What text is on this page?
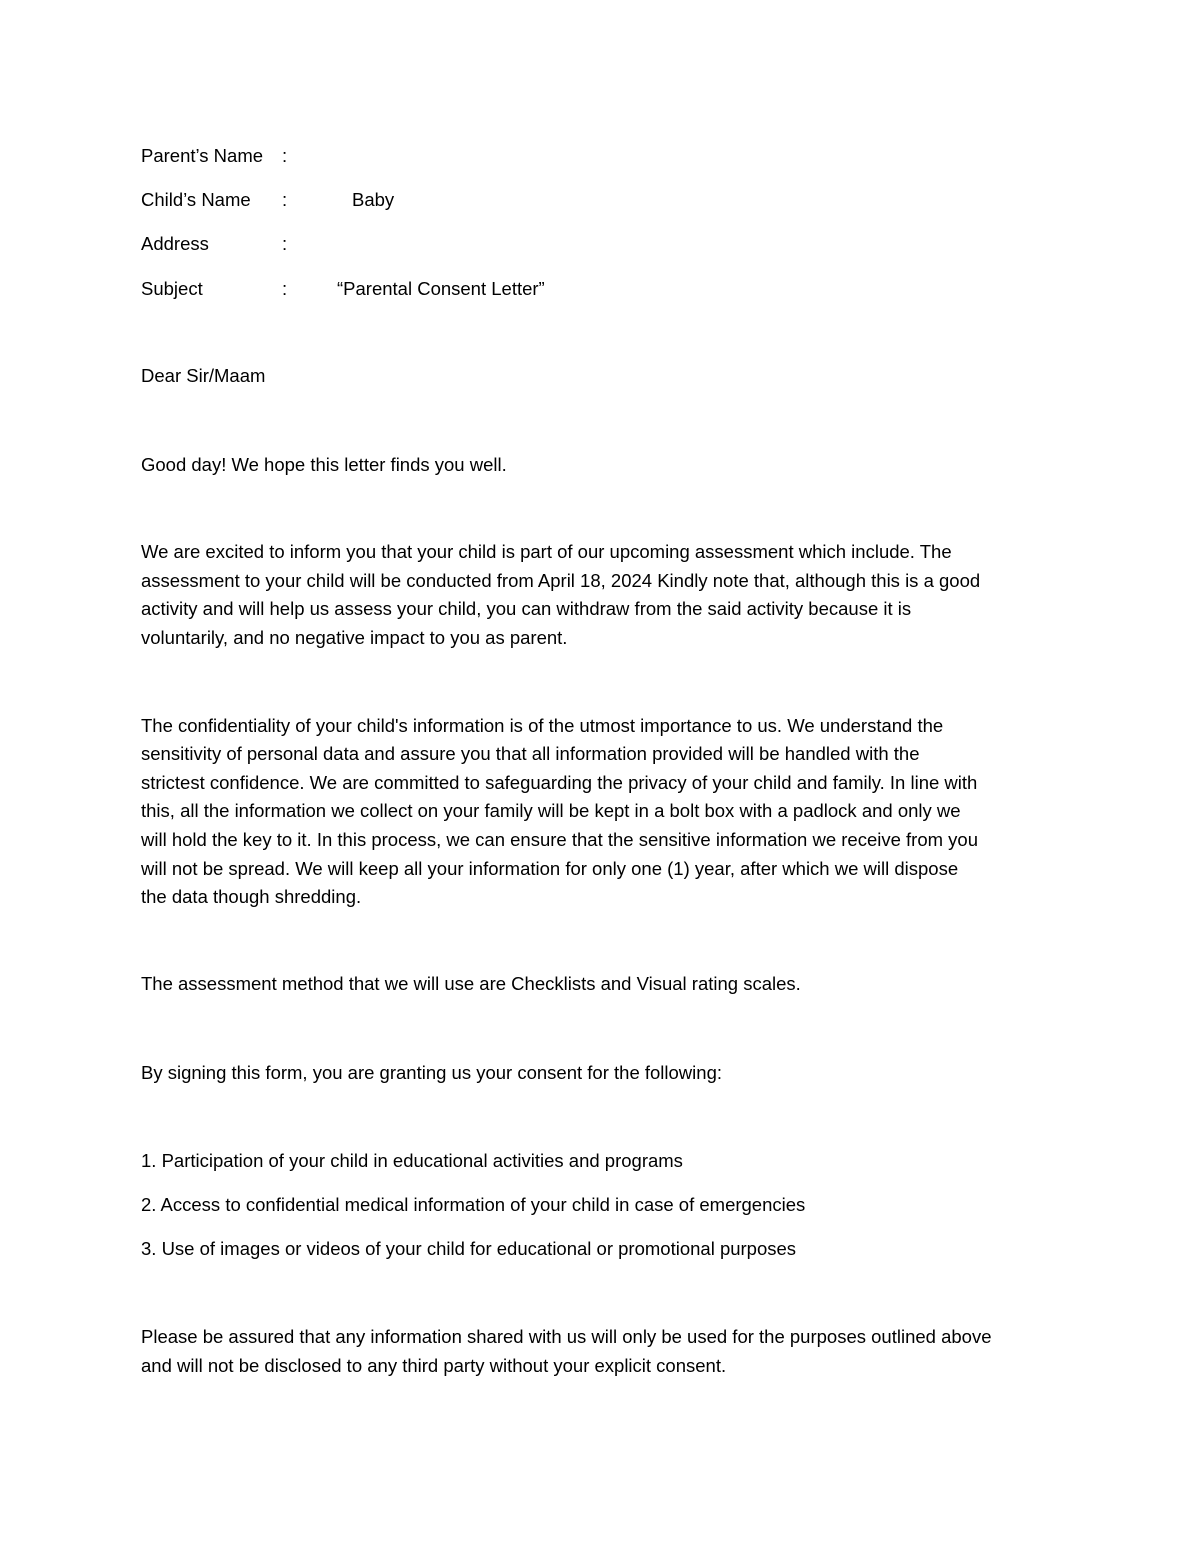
Parent’s Name :
Child’s Name :	Baby
Address	:
Subject	:	“Parental Consent Letter”
Dear Sir/Maam
Good day! We hope this letter finds you well.
We are excited to inform you that your child is part of our upcoming assessment which include. The
assessment to your child will be conducted from April 18, 2024 Kindly note that, although this is a good
activity and will help us assess your child, you can withdraw from the said activity because it is
voluntarily, and no negative impact to you as parent.
The confidentiality of your child's information is of the utmost importance to us. We understand the
sensitivity of personal data and assure you that all information provided will be handled with the
strictest confidence. We are committed to safeguarding the privacy of your child and family. In line with
this, all the information we collect on your family will be kept in a bolt box with a padlock and only we
will hold the key to it. In this process, we can ensure that the sensitive information we receive from you
will not be spread. We will keep all your information for only one (1) year, after which we will dispose
the data though shredding.
The assessment method that we will use are Checklists and Visual rating scales.
By signing this form, you are granting us your consent for the following:
1. Participation of your child in educational activities and programs
2. Access to confidential medical information of your child in case of emergencies
3. Use of images or videos of your child for educational or promotional purposes
Please be assured that any information shared with us will only be used for the purposes outlined above
and will not be disclosed to any third party without your explicit consent.
